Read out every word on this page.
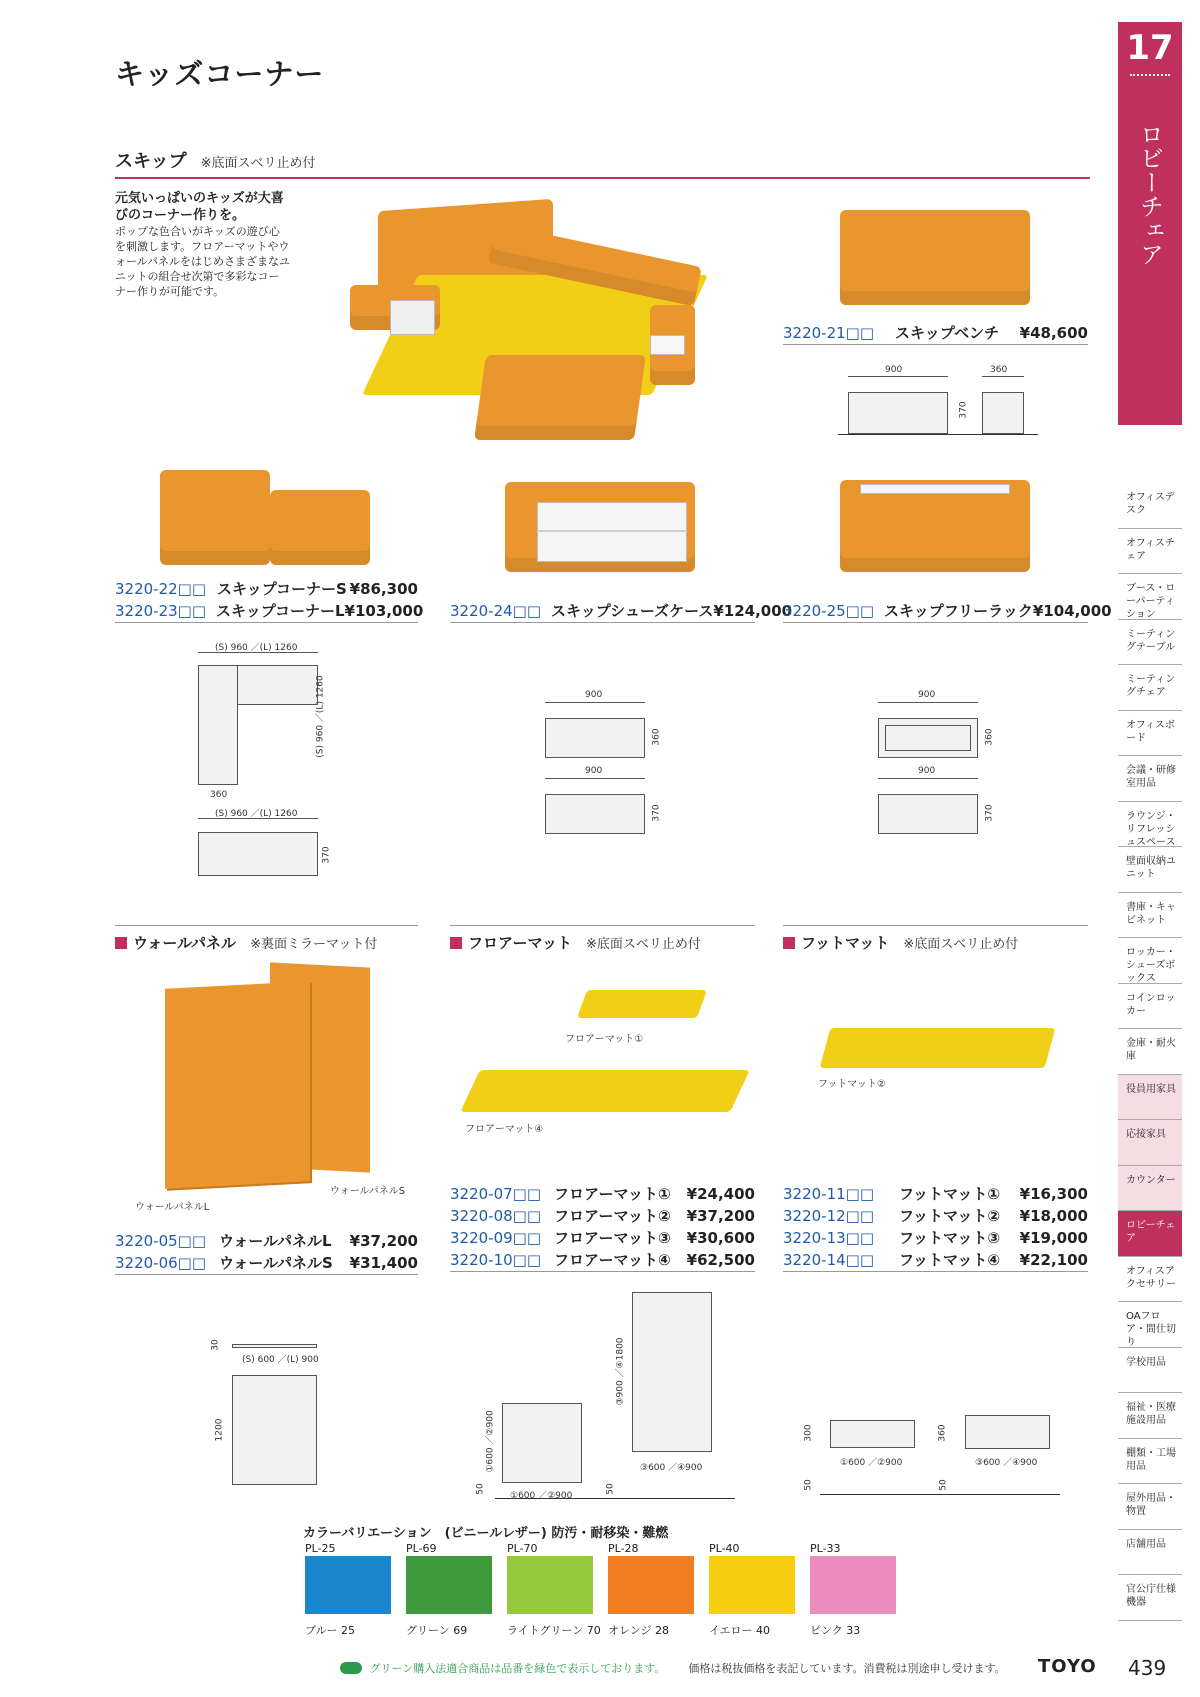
キッズコーナー
スキップ ※底面スベリ止め付
元気いっぱいのキッズが大喜びのコーナー作りを。
ポップな色合いがキッズの遊び心を刺激します。フロアーマットやウォールパネルをはじめさまざまなユニットの組合せ次第で多彩なコーナー作りが可能です。
3220-21□□	スキップベンチ	¥48,600
900	360
370
3220-22□□ スキップコーナーS ¥86,300
3220-23□□ スキップコーナーL ¥103,000
(S) 960 ／(L) 1260
(S) 960 ／(L) 1260
360
(S) 960 ／(L) 1260
370
3220-24□□ スキップシューズケース ¥124,000
900
360
900
370
3220-25□□ スキップフリーラック ¥104,000
900
360
900
370
ウォールパネル ※裏面ミラーマット付
ウォールパネルL
ウォールパネルS
3220-05□□ ウォールパネルL	¥37,200
3220-06□□ ウォールパネルS	¥31,400
30
(S) 600 ／(L) 900
1200
フロアーマット ※底面スベリ止め付
フロアーマット①
フロアーマット④
3220-07□□ フロアーマット①	¥24,400
3220-08□□ フロアーマット②	¥37,200
3220-09□□ フロアーマット③	¥30,600
3220-10□□ フロアーマット④	¥62,500
①600 ／②900
①600 ／②900
50
③900 ／④1800
③600 ／④900
50
フットマット ※底面スベリ止め付
フットマット②
3220-11□□	フットマット①	¥16,300
3220-12□□	フットマット②	¥18,000
3220-13□□	フットマット③	¥19,000
3220-14□□	フットマット④	¥22,100
300
①600 ／②900
50
360
③600 ／④900
50
カラーバリエーション　(ビニールレザー) 防汚・耐移染・難燃
PL-25
ブルー 25
PL-69
グリーン 69
PL-70
ライトグリーン 70
PL-28
オレンジ 28
PL-40
イエロー 40
PL-33
ピンク 33
17
ロビーチェア
オフィスデスク
オフィスチェア
ブース・ローパーティション
ミーティングテーブル
ミーティングチェア
オフィスボード
会議・研修室用品
ラウンジ・リフレッシュスペース
壁面収納ユニット
書庫・キャビネット
ロッカー・シューズボックス
コインロッカー
金庫・耐火庫
役員用家具
応接家具
カウンター
ロビーチェア
オフィスアクセサリー
OAフロア・間仕切り
学校用品
福祉・医療施設用品
棚類・工場用品
屋外用品・物置
店舗用品
官公庁仕様機器
グリーン購入法適合商品は品番を緑色で表示しております。 価格は税抜価格を表記しています。消費税は別途申し受けます。 TOYO 439
